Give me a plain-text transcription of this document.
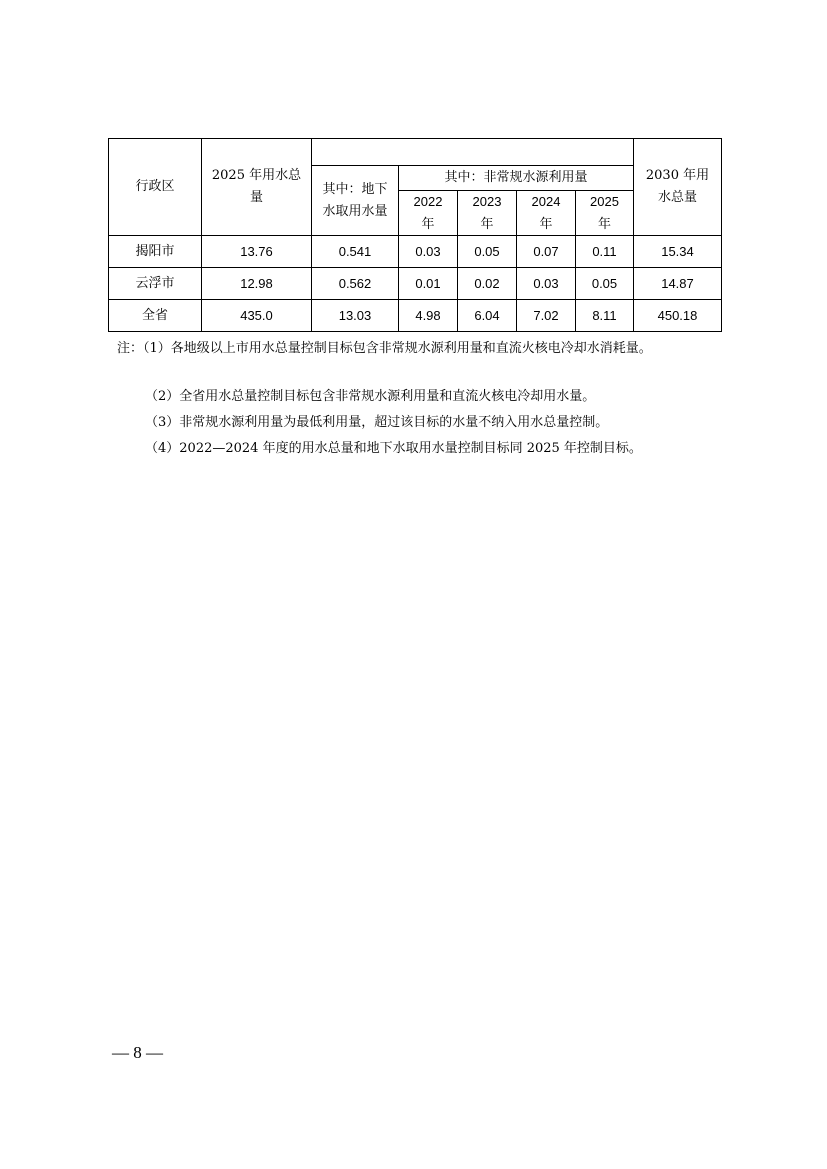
行政区	2025 年用水总量						2030 年用水总量
		其中：地下水取用水量	其中：非常规水源利用量				
			2022 年	2023 年	2024 年	2025 年	
揭阳市	13.76	0.541	0.03	0.05	0.07	0.11	15.34
云浮市	12.98	0.562	0.01	0.02	0.03	0.05	14.87
全省	435.0	13.03	4.98	6.04	7.02	8.11	450.18

注：（1）各地级以上市用水总量控制目标包含非常规水源利用量和直流火核电冷却水消耗量。

（2）全省用水总量控制目标包含非常规水源利用量和直流火核电冷却用水量。

（3）非常规水源利用量为最低利用量，超过该目标的水量不纳入用水总量控制。

（4）2022—2024 年度的用水总量和地下水取用水量控制目标同 2025 年控制目标。

— 8 —
